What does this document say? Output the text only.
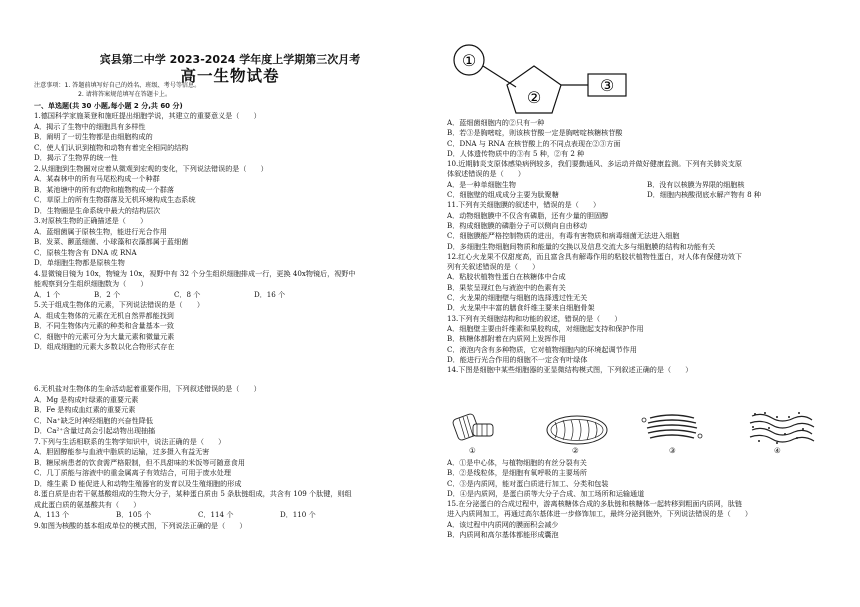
宾县第二中学 2023-2024 学年度上学期第三次月考
高一生物试卷
注意事项：1. 答题前填写好自己的姓名、班级、考号等信息。
2. 请将答案规范填写在答题卡上。
一、单选题(共 30 小题,每小题 2 分,共 60 分)
1.德国科学家施莱登和施旺提出细胞学说，其建立的重要意义是（　　）
A．揭示了生物中的细胞具有多样性
B．阐明了一切生物都是由细胞构成的
C．使人们认识到植物和动物有着完全相同的结构
D．揭示了生物界的统一性
2.从细胞到生物圈对应着从微观到宏观的变化，下列说法错误的是（　　）
A．某森林中的所有马尾松构成一个种群
B．某池塘中的所有动物和植物构成一个群落
C．草原上的所有生物群落及无机环境构成生态系统
D．生物圈是生命系统中最大的结构层次
3.对原核生物的正确描述是（　　）
A．蓝细菌属于原核生物，能进行光合作用
B．发菜、颤蓝细菌、小球藻和衣藻都属于蓝细菌
C．原核生物含有 DNA 或 RNA
D．单细胞生物都是原核生物
4.显微镜目镜为 10x，物镜为 10x，视野中有 32 个分生组织细胞排成一行，更换 40x物镜后，视野中
能观察到分生组织细胞数为（　　）
A．1 个	B．2 个	C．8 个	D．16 个
5.关于组成生物体的元素，下列说法错误的是（　　）
A．组成生物体的元素在无机自然界都能找到
B．不同生物体内元素的种类和含量基本一致
C．细胞中的元素可分为大量元素和微量元素
D．组成细胞的元素大多数以化合物形式存在
6.无机盐对生物体的生命活动起着重要作用，下列叙述错误的是（　　）
A．Mg 是构成叶绿素的重要元素
B．Fe 是构成血红素的重要元素
C．Na⁺缺乏时神经细胞的兴奋性降低
D．Ca²⁺含量过高会引起动物出现抽搐
7.下列与生活相联系的生物学知识中，说法正确的是（　　）
A．胆固醇能参与血液中脂质的运输，过多摄入有益无害
B．糖尿病患者的饮食需严格限制，但不具甜味的米饭等可随意食用
C．几丁质能与溶液中的重金属离子有效结合，可用于废水处理
D．维生素 D 能促进人和动物生殖器官的发育以及生殖细胞的形成
8.蛋白质是由若干氨基酸组成的生物大分子，某种蛋白质由 5 条肽链组成，共含有 109 个肽键，则组
成此蛋白质的氨基酸共有（　　）
A．113 个	B．105 个	C．114 个	D．110 个
9.如图为核酸的基本组成单位的模式图，下列说法正确的是（　　）
①
②
③
A．蓝细菌细胞内的②只有一种
B．若③是胸嘧啶，则该核苷酸一定是胸嘧啶核糖核苷酸
C．DNA 与 RNA 在核苷酸上的不同点表现在②③方面
D．人体遗传物质中的③有 5 种，②有 2 种
10.近期肺炎支原体感染病例较多，我们要勤通风、多运动并做好健康监测。下列有关肺炎支原
体叙述错误的是（　　）
A．是一种单细胞生物	B．没有以核膜为界限的细胞核
C．细胞壁的组成成分主要为肽聚糖	D．细胞内核酸彻底水解产物有 8 种
11.下列有关细胞膜的叙述中，错误的是（　　）
A．动物细胞膜中不仅含有磷脂，还有少量的胆固醇
B．构成细胞膜的磷脂分子可以侧向自由移动
C．细胞膜能严格控制物质的进出，有毒有害物质和病毒细菌无法进入细胞
D．多细胞生物细胞间物质和能量的交换以及信息交流大多与细胞膜的结构和功能有关
12.红心火龙果不仅甜度高，而且富含具有解毒作用的粘胶状植物性蛋白，对人体有保健功效下
列有关叙述错误的是（　　）
A．粘胶状植物性蛋白在核糖体中合成
B．果浆呈现红色与液泡中的色素有关
C．火龙果的细胞壁与细胞的选择透过性无关
D．火龙果中丰富的膳食纤维主要来自细胞骨架
13.下列有关细胞结构和功能的叙述，错误的是（　　）
A．细胞壁主要由纤维素和果胶构成，对细胞起支持和保护作用
B．核糖体都附着在内质网上发挥作用
C．液泡内含有多种物质，它对植物细胞内的环境起调节作用
D．能进行光合作用的细胞不一定含有叶绿体
14.下图是细胞中某些细胞器的亚显微结构模式图，下列叙述正确的是（　　）
①	②	③	④
A．①是中心体，与植物细胞的有丝分裂有关
B．②是线粒体，是细胞有氧呼吸的主要场所
C．③是内质网，能对蛋白质进行加工、分类和包装
D．④是内质网，是蛋白质等大分子合成、加工场所和运输通道
15.在分泌蛋白的合成过程中，游离核糖体合成的多肽链和核糖体一起转移到粗面内质网，肽链
进入内质网加工，再通过高尔基体进一步修饰加工，最终分泌到胞外，下列说法错误的是（　　）
A．该过程中内质网的膜面积会减少
B．内质网和高尔基体都能形成囊泡
